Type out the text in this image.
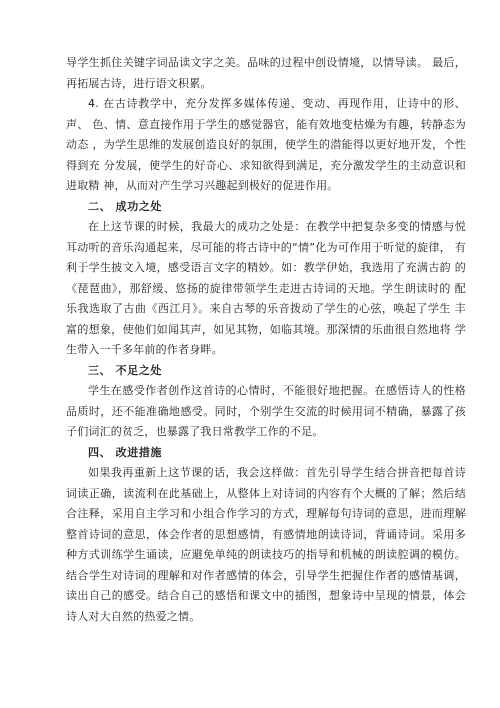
导学生抓住关键字词品读文字之美。品味的过程中创设情境，以情导读。 最后，再拓展古诗，进行语文积累。

4. 在古诗教学中，充分发挥多媒体传递、变动、再现作用，让诗中的形、声、 色、情、意直接作用于学生的感觉器官，能有效地变枯燥为有趣，转静态为动态 ，为学生思维的发展创造良好的氛围，使学生的潜能得以更好地开发，个性得到充 分发展，使学生的好奇心、求知欲得到满足，充分激发学生的主动意识和进取精 神，从而对产生学习兴趣起到极好的促进作用。

二、 成功之处

在上这节课的时候，我最大的成功之处是：在教学中把复杂多变的情感与悦 耳动听的音乐沟通起来，尽可能的将古诗中的“情”化为可作用于听觉的旋律， 有利于学生披文入境，感受语言文字的精妙。如：教学伊始，我选用了充满古韵 的《琵琶曲》，那舒缓、悠扬的旋律带领学生走进古诗词的天地。学生朗读时的 配乐我选取了古曲《西江月》。来自古琴的乐音拨动了学生的心弦，唤起了学生 丰富的想象，使他们如闻其声，如见其物，如临其境。那深情的乐曲很自然地将 学生带入一千多年前的作者身畔。

三、 不足之处

学生在感受作者创作这首诗的心情时，不能很好地把握。在感悟诗人的性格 品质时，还不能准确地感受。同时，个别学生交流的时候用词不精确，暴露了孩 子们词汇的贫乏，也暴露了我日常教学工作的不足。

四、 改进措施

如果我再重新上这节课的话，我会这样做：首先引导学生结合拼音把每首诗 词读正确，读流利在此基础上，从整体上对诗词的内容有个大概的了解；然后结 合注释，采用自主学习和小组合作学习的方式，理解每句诗词的意思，进而理解 整首诗词的意思，体会作者的思想感情，有感情地朗读诗词，背诵诗词。采用多 种方式训练学生诵读，应避免单纯的朗读技巧的指导和机械的朗读腔调的模仿。 结合学生对诗词的理解和对作者感情的体会，引导学生把握住作者的感情基调， 读出自己的感受。结合自己的感悟和课文中的插图，想象诗中呈现的情景，体会 诗人对大自然的热爱之情。
